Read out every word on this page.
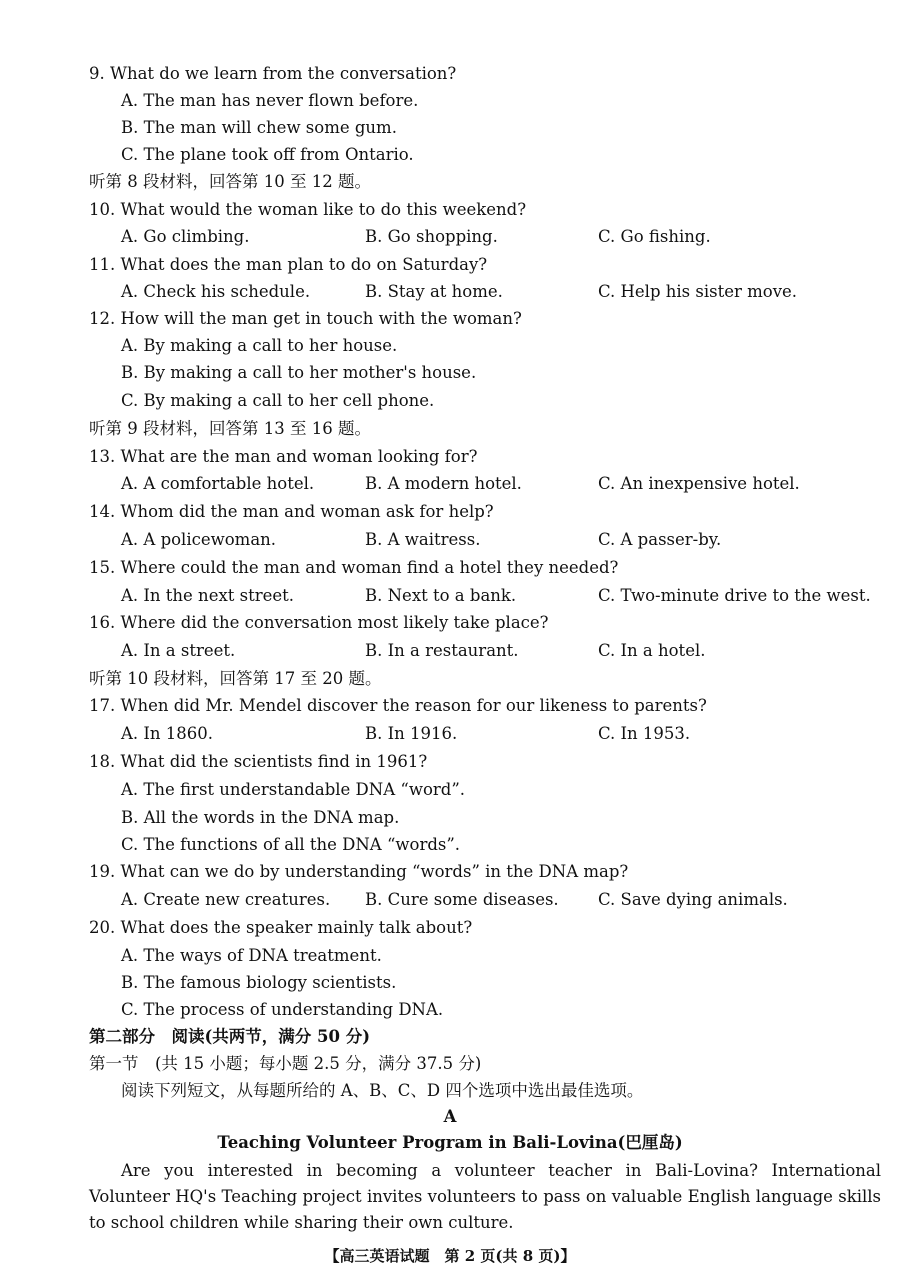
9. What do we learn from the conversation?
A. The man has never flown before.
B. The man will chew some gum.
C. The plane took off from Ontario.
听第 8 段材料，回答第 10 至 12 题。
10. What would the woman like to do this weekend?
A. Go climbing.	B. Go shopping.	C. Go fishing.
11. What does the man plan to do on Saturday?
A. Check his schedule.	B. Stay at home.	C. Help his sister move.
12. How will the man get in touch with the woman?
A. By making a call to her house.
B. By making a call to her mother's house.
C. By making a call to her cell phone.
听第 9 段材料，回答第 13 至 16 题。
13. What are the man and woman looking for?
A. A comfortable hotel.	B. A modern hotel.	C. An inexpensive hotel.
14. Whom did the man and woman ask for help?
A. A policewoman.	B. A waitress.	C. A passer-by.
15. Where could the man and woman find a hotel they needed?
A. In the next street.	B. Next to a bank.	C. Two-minute drive to the west.
16. Where did the conversation most likely take place?
A. In a street.	B. In a restaurant.	C. In a hotel.
听第 10 段材料，回答第 17 至 20 题。
17. When did Mr. Mendel discover the reason for our likeness to parents?
A. In 1860.	B. In 1916.	C. In 1953.
18. What did the scientists find in 1961?
A. The first understandable DNA “word”.
B. All the words in the DNA map.
C. The functions of all the DNA “words”.
19. What can we do by understanding “words” in the DNA map?
A. Create new creatures. B. Cure some diseases. C. Save dying animals.
20. What does the speaker mainly talk about?
A. The ways of DNA treatment.
B. The famous biology scientists.
C. The process of understanding DNA.
第二部分　阅读(共两节，满分 50 分)
第一节　(共 15 小题；每小题 2.5 分，满分 37.5 分)
阅读下列短文，从每题所给的 A、B、C、D 四个选项中选出最佳选项。
A
Teaching Volunteer Program in Bali-Lovina(巴厘岛)
Are you interested in becoming a volunteer teacher in Bali-Lovina? International Volunteer HQ's Teaching project invites volunteers to pass on valuable English language skills to school children while sharing their own culture.
【高三英语试题　第 2 页(共 8 页)】
